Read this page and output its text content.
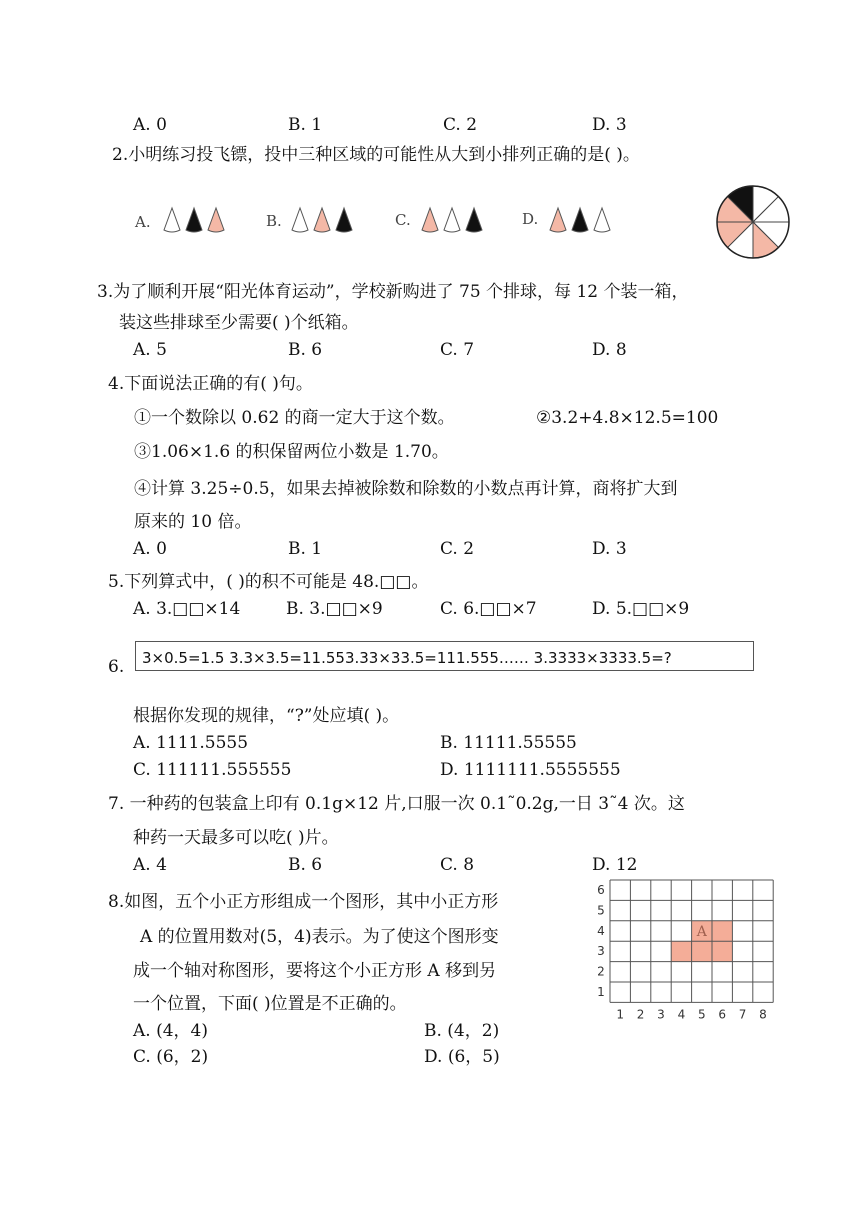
A. 0	B. 1	C. 2	D. 3
2.小明练习投飞镖，投中三种区域的可能性从大到小排列正确的是( )。
A.	B.	C.	D.
3.为了顺利开展“阳光体育运动”，学校新购进了 75 个排球，每 12 个装一箱，
装这些排球至少需要( )个纸箱。
A. 5	B. 6	C. 7	D. 8
4.下面说法正确的有( )句。
①一个数除以 0.62 的商一定大于这个数。	②3.2+4.8×12.5=100
③1.06×1.6 的积保留两位小数是 1.70。
④计算 3.25÷0.5，如果去掉被除数和除数的小数点再计算，商将扩大到
原来的 10 倍。
A. 0	B. 1	C. 2	D. 3
5.下列算式中，( )的积不可能是 48.□□。
A. 3.□□×14	B. 3.□□×9	C. 6.□□×7	D. 5.□□×9
6. 3×0.5=1.5 3.3×3.5=11.553.33×33.5=111.555…… 3.3333×3333.5=?
根据你发现的规律，“?”处应填( )。
A. 1111.5555	B. 11111.55555
C. 111111.555555	D. 1111111.5555555
7. 一种药的包装盒上印有 0.1g×12 片,口服一次 0.1˜0.2g,一日 3˜4 次。这
种药一天最多可以吃( )片。
A. 4	B. 6	C. 8	D. 12
8.如图，五个小正方形组成一个图形，其中小正方形
A 的位置用数对(5，4)表示。为了使这个图形变
成一个轴对称图形，要将这个小正方形 A 移到另
一个位置，下面( )位置是不正确的。
A. (4，4)	B. (4，2)
C. (6，2)	D. (6，5)
A
1 2 3 4 5 6 7 8
1
2
3
4
5
6
